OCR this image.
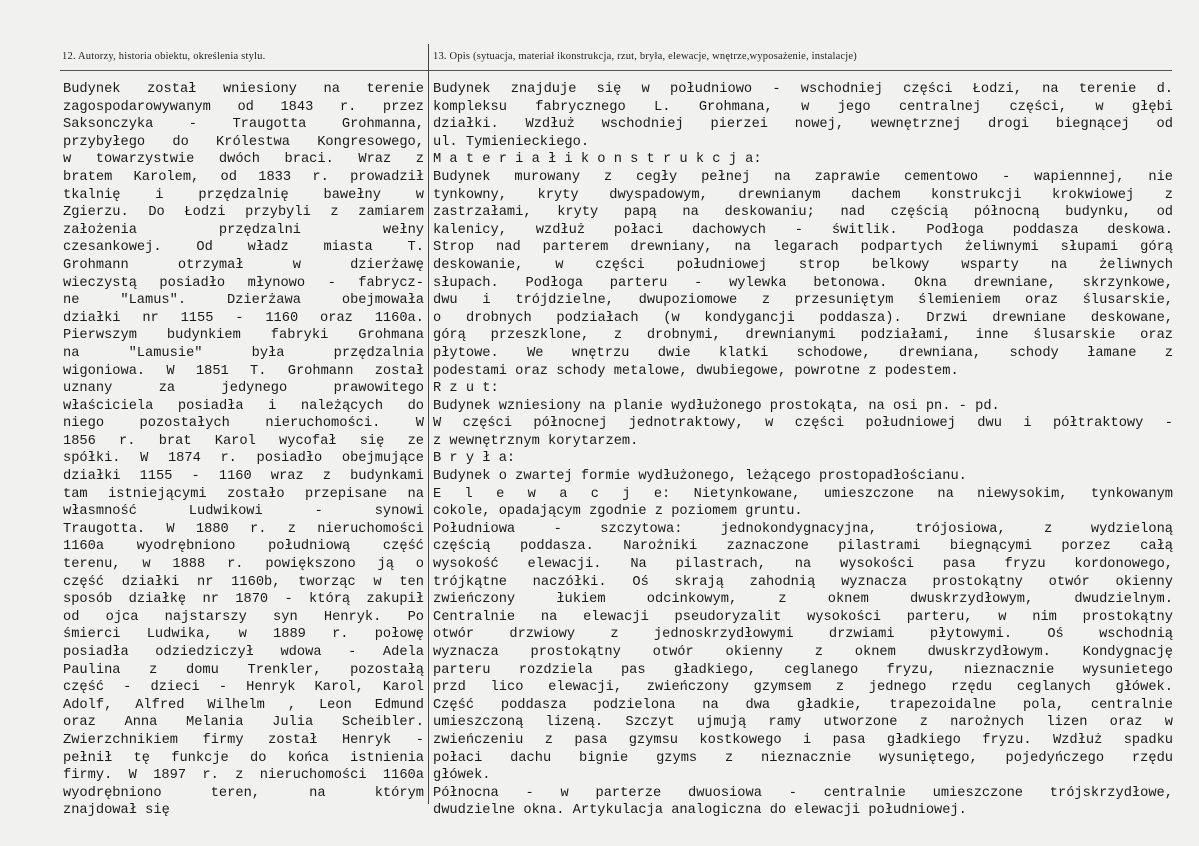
12. Autorzy, historia obiektu, określenia stylu.	13. Opis (sytuacja, materiał ikonstrukcja, rzut, bryła, elewacje, wnętrze,wyposażenie, instalacje)
Budynek został wniesiony na terenie
zagospodarowywanym od 1843 r. przez
Saksonczyka - Traugotta Grohmanna,
przybyłego do Królestwa Kongresowego,
w towarzystwie dwóch braci. Wraz z
bratem Karolem, od 1833 r. prowadził
tkalnię i przędzalnię bawełny w
Zgierzu. Do Łodzi przybyli z zamiarem
założenia przędzalni wełny
czesankowej. Od władz miasta T.
Grohmann otrzymał w dzierżawę
wieczystą posiadło młynowo - fabrycz-
ne "Lamus". Dzierżawa obejmowała
działki nr 1155 - 1160 oraz 1160a.
Pierwszym budynkiem fabryki Grohmana
na "Lamusie" była przędzalnia
wigoniowa. W 1851 T. Grohmann został
uznany za jedynego prawowitego
właściciela posiadła i należących do
niego pozostałych nieruchomości. W
1856 r. brat Karol wycofał się ze
spółki. W 1874 r. posiadło obejmujące
działki 1155 - 1160 wraz z budynkami
tam istniejącymi zostało przepisane na
własmność Ludwikowi - synowi
Traugotta. W 1880 r. z nieruchomości
1160a wyodrębniono południową część
terenu, w 1888 r. powiększono ją o
część działki nr 1160b, tworząc w ten
sposób działkę nr 1870 - którą zakupił
od ojca najstarszy syn Henryk. Po
śmierci Ludwika, w 1889 r. połowę
posiadła odziedziczył wdowa - Adela
Paulina z domu Trenkler, pozostałą
część - dzieci - Henryk Karol, Karol
Adolf, Alfred Wilhelm , Leon Edmund
oraz Anna Melania Julia Scheibler.
Zwierzchnikiem firmy został Henryk -
pełnił tę funkcje do końca istnienia
firmy. W 1897 r. z nieruchomości 1160a
wyodrębniono teren, na którym
znajdował się
Budynek znajduje się w południowo - wschodniej części Łodzi, na terenie d.
kompleksu fabrycznego L. Grohmana, w jego centralnej części, w głębi
działki. Wzdłuż wschodniej pierzei nowej, wewnętrznej drogi biegnącej od
ul. Tymienieckiego.
M a t e r i a ł i k o n s t r u k c j a:
Budynek murowany z cegły pełnej na zaprawie cementowo - wapiennnej, nie
tynkowny, kryty dwyspadowym, drewnianym dachem konstrukcji krokwiowej z
zastrzałami, kryty papą na deskowaniu; nad częścią północną budynku, od
kalenicy, wzdłuż połaci dachowych - świtlik. Podłoga poddasza deskowa.
Strop nad parterem drewniany, na legarach podpartych żeliwnymi słupami górą
deskowanie, w części południowej strop belkowy wsparty na żeliwnych
słupach. Podłoga parteru - wylewka betonowa. Okna drewniane, skrzynkowe,
dwu i trójdzielne, dwupoziomowe z przesuniętym ślemieniem oraz ślusarskie,
o drobnych podziałach (w kondygancji poddasza). Drzwi drewniane deskowane,
górą przeszklone, z drobnymi, drewnianymi podziałami, inne ślusarskie oraz
płytowe. We wnętrzu dwie klatki schodowe, drewniana, schody łamane z
podestami oraz schody metalowe, dwubiegowe, powrotne z podestem.
R z u t:
Budynek wzniesiony na planie wydłużonego prostokąta, na osi pn. - pd.
W części północnej jednotraktowy, w części południowej dwu i półtraktowy -
z wewnętrznym korytarzem.
B r y ł a:
Budynek o zwartej formie wydłużonego, leżącego prostopadłościanu.
E l e w a c j e: Nietynkowane, umieszczone na niewysokim, tynkowanym
cokole, opadającym zgodnie z poziomem gruntu.
Południowa - szczytowa: jednokondygnacyjna, trójosiowa, z wydzieloną
częścią poddasza. Narożniki zaznaczone pilastrami biegnącymi porzez całą
wysokość elewacji. Na pilastrach, na wysokości pasa fryzu kordonowego,
trójkątne naczółki. Oś skrają zahodnią wyznacza prostokątny otwór okienny
zwieńczony łukiem odcinkowym, z oknem dwuskrzydłowym, dwudzielnym.
Centralnie na elewacji pseudoryzalit wysokości parteru, w nim prostokątny
otwór drzwiowy z jednoskrzydłowymi drzwiami płytowymi. Oś wschodnią
wyznacza prostokątny otwór okienny z oknem dwuskrzydłowym. Kondygnację
parteru rozdziela pas gładkiego, ceglanego fryzu, nieznacznie wysunietego
przd lico elewacji, zwieńczony gzymsem z jednego rzędu ceglanych główek.
Część poddasza podzielona na dwa gładkie, trapezoidalne pola, centralnie
umieszczoną lizeną. Szczyt ujmują ramy utworzone z narożnych lizen oraz w
zwieńczeniu z pasa gzymsu kostkowego i pasa gładkiego fryzu. Wzdłuż spadku
połaci dachu bignie gzyms z nieznacznie wysuniętego, pojedyńczego rzędu
główek.
Północna - w parterze dwuosiowa - centralnie umieszczone trójskrzydłowe,
dwudzielne okna. Artykulacja analogiczna do elewacji południowej.
